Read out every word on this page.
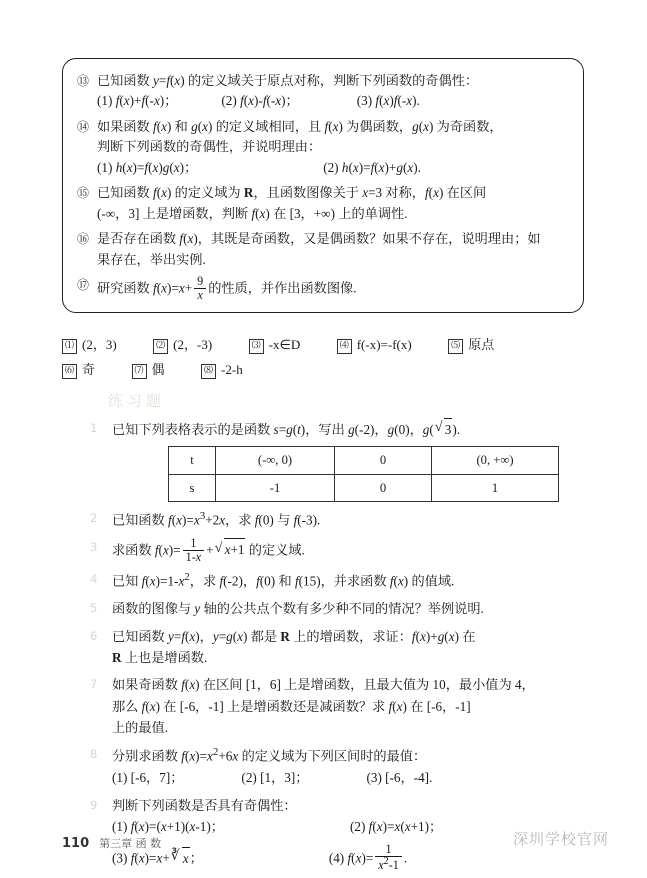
⑬ 已知函数 y=f(x) 的定义域关于原点对称，判断下列函数的奇偶性：
(1) f(x)+f(-x)；	(2) f(x)-f(-x)；	(3) f(x)f(-x).
⑭ 如果函数 f(x) 和 g(x) 的定义域相同，且 f(x) 为偶函数，g(x) 为奇函数，
判断下列函数的奇偶性，并说明理由：
(1) h(x)=f(x)g(x)；	(2) h(x)=f(x)+g(x).
⑮ 已知函数 f(x) 的定义域为 R，且函数图像关于 x=3 对称，f(x) 在区间
(-∞，3] 上是增函数，判断 f(x) 在 [3，+∞) 上的单调性.
⑯ 是否存在函数 f(x)，其既是奇函数，又是偶函数？如果不存在，说明理由；如
果存在，举出实例.
⑰ 研究函数 $f(x)=x+ \frac{9}{x}$ 的性质，并作出函数图像.
⑴ (2，3)	⑵ (2，-3)	⑶ -x∈D	⑷ f(-x)=-f(x)	⑸ 原点
⑹ 奇	⑺ 偶	⑻ -2-h
练习题
1	已知下列表格表示的是函数 s=g(t)，写出 g(-2)，g(0)，g( √ 3).
t	(-∞, 0)	0	(0, +∞)
s	-1	0	1
2	已知函数 $f(x)=x^3+2x$，求 f(0) 与 f(-3).
3	求函数 $f(x)= \frac{1}{1-x}$ + √ x+1 的定义域.
4	已知 $f(x)=1-x^2$，求 f(-2)，f(0) 和 f(15)，并求函数 f(x) 的值域.
5	函数的图像与 y 轴的公共点个数有多少种不同的情况？举例说明.
6	已知函数 y=f(x)，y=g(x) 都是 R 上的增函数，求证：f(x)+g(x) 在
R 上也是增函数.
7	如果奇函数 f(x) 在区间 [1，6] 上是增函数，且最大值为 10，最小值为 4，
那么 f(x) 在 [-6，-1] 上是增函数还是减函数？求 f(x) 在 [-6，-1]
上的最值.
8	分别求函数 $f(x)=x^2+6x$ 的定义域为下列区间时的最值：
(1) [-6，7]；	(2) [1，3]；	(3) [-6，-4].
9	判断下列函数是否具有奇偶性：
(1) f(x)=(x+1)(x-1)；	(2) f(x)=x(x+1)；
(3) f(x)=x+ ∛ x；	(4) $f(x)= \frac{1}{x^2-1}$ .
110 第三章 函 数	深圳学校官网
